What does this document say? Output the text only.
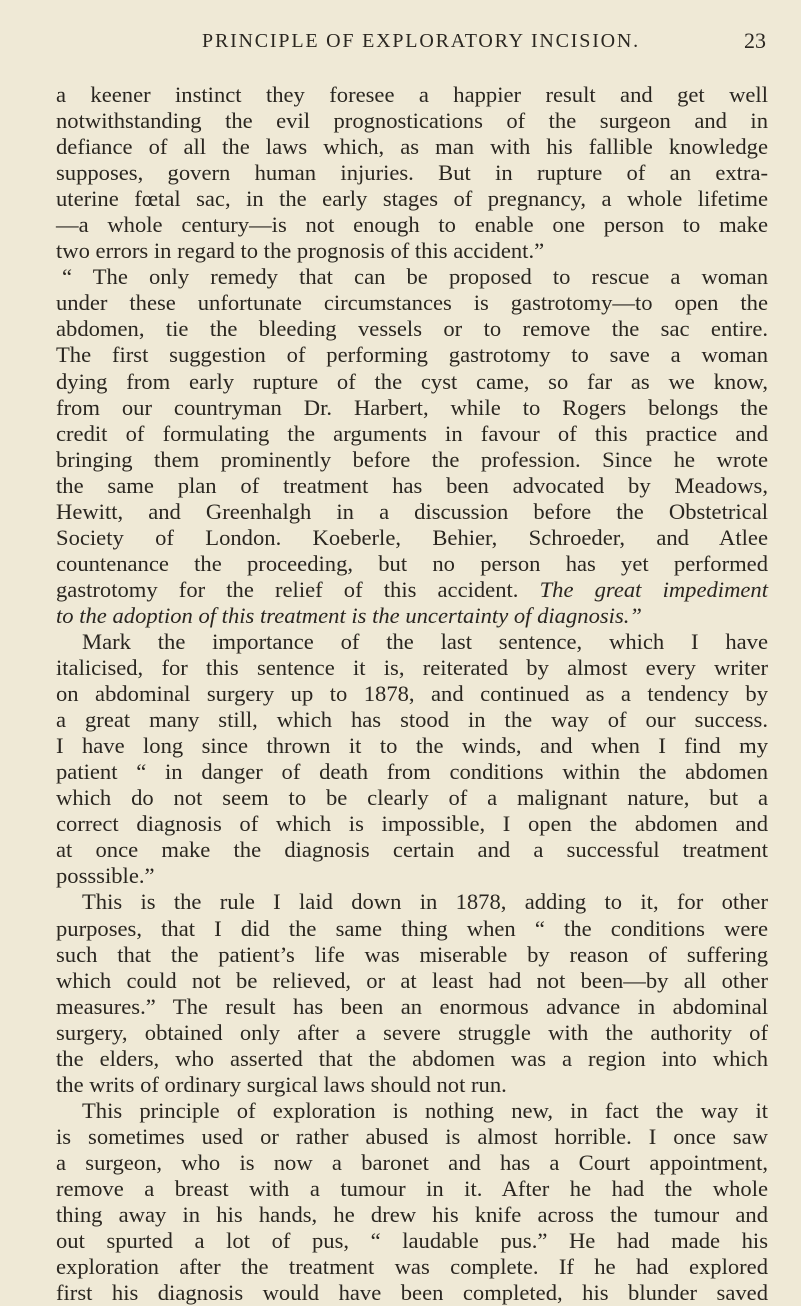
PRINCIPLE OF EXPLORATORY INCISION.	23
a keener instinct they foresee a happier result and get well
notwithstanding the evil prognostications of the surgeon and in
defiance of all the laws which, as man with his fallible knowledge
supposes, govern human injuries. But in rupture of an extra-
uterine fœtal sac, in the early stages of pregnancy, a whole lifetime
—a whole century—is not enough to enable one person to make
two errors in regard to the prognosis of this accident.”
“ The only remedy that can be proposed to rescue a woman
under these unfortunate circumstances is gastrotomy—to open the
abdomen, tie the bleeding vessels or to remove the sac entire.
The first suggestion of performing gastrotomy to save a woman
dying from early rupture of the cyst came, so far as we know,
from our countryman Dr. Harbert, while to Rogers belongs the
credit of formulating the arguments in favour of this practice and
bringing them prominently before the profession. Since he wrote
the same plan of treatment has been advocated by Meadows,
Hewitt, and Greenhalgh in a discussion before the Obstetrical
Society of London. Koeberle, Behier, Schroeder, and Atlee
countenance the proceeding, but no person has yet performed
gastrotomy for the relief of this accident. The great impediment
to the adoption of this treatment is the uncertainty of diagnosis.”
Mark the importance of the last sentence, which I have
italicised, for this sentence it is, reiterated by almost every writer
on abdominal surgery up to 1878, and continued as a tendency by
a great many still, which has stood in the way of our success.
I have long since thrown it to the winds, and when I find my
patient “ in danger of death from conditions within the abdomen
which do not seem to be clearly of a malignant nature, but a
correct diagnosis of which is impossible, I open the abdomen and
at once make the diagnosis certain and a successful treatment
posssible.”
This is the rule I laid down in 1878, adding to it, for other
purposes, that I did the same thing when “ the conditions were
such that the patient’s life was miserable by reason of suffering
which could not be relieved, or at least had not been—by all other
measures.” The result has been an enormous advance in abdominal
surgery, obtained only after a severe struggle with the authority of
the elders, who asserted that the abdomen was a region into which
the writs of ordinary surgical laws should not run.
This principle of exploration is nothing new, in fact the way it
is sometimes used or rather abused is almost horrible. I once saw
a surgeon, who is now a baronet and has a Court appointment,
remove a breast with a tumour in it. After he had the whole
thing away in his hands, he drew his knife across the tumour and
out spurted a lot of pus, “ laudable pus.” He had made his
exploration after the treatment was complete. If he had explored
first his diagnosis would have been completed, his blunder saved
